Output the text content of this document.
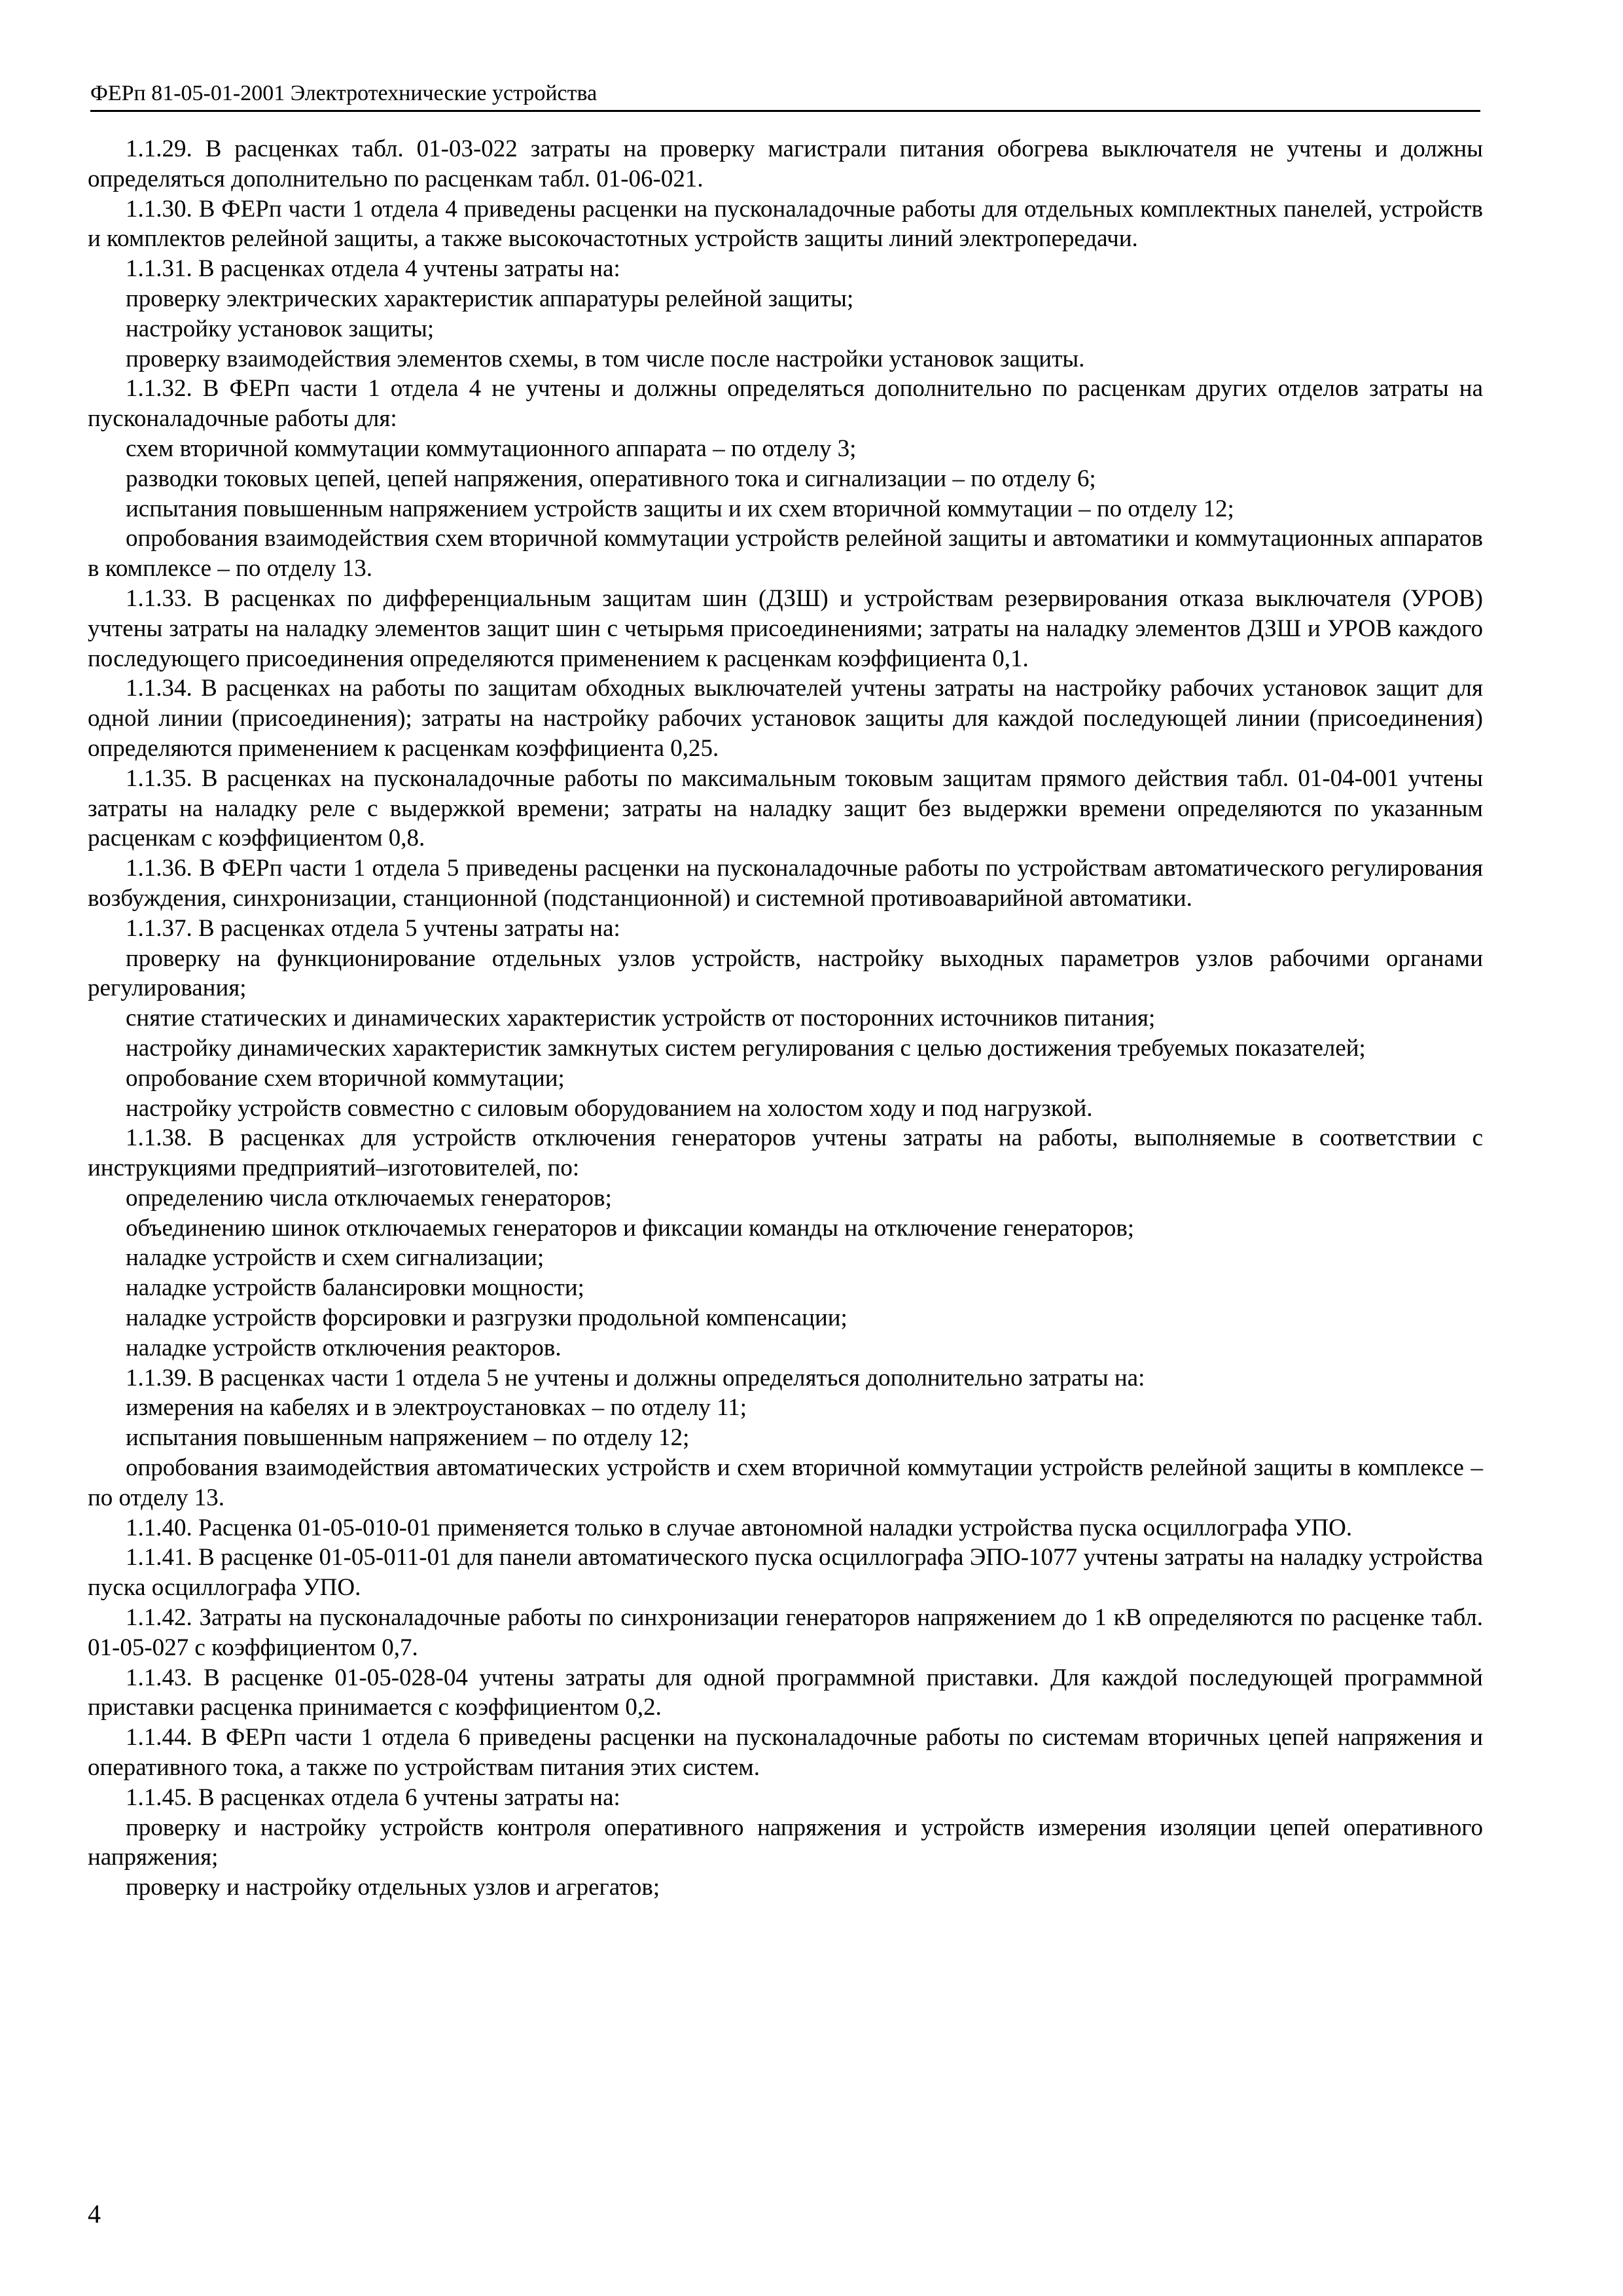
ФЕРп 81-05-01-2001 Электротехнические устройства

1.1.29. В расценках табл. 01-03-022 затраты на проверку магистрали питания обогрева выключателя не учтены и должны определяться дополнительно по расценкам табл. 01-06-021.

1.1.30. В ФЕРп части 1 отдела 4 приведены расценки на пусконаладочные работы для отдельных комплектных панелей, устройств и комплектов релейной защиты, а также высокочастотных устройств защиты линий электропередачи.

1.1.31. В расценках отдела 4 учтены затраты на:

проверку электрических характеристик аппаратуры релейной защиты;

настройку установок защиты;

проверку взаимодействия элементов схемы, в том числе после настройки установок защиты.

1.1.32. В ФЕРп части 1 отдела 4 не учтены и должны определяться дополнительно по расценкам других отделов затраты на пусконаладочные работы для:

схем вторичной коммутации коммутационного аппарата – по отделу 3;

разводки токовых цепей, цепей напряжения, оперативного тока и сигнализации – по отделу 6;

испытания повышенным напряжением устройств защиты и их схем вторичной коммутации – по отделу 12;

опробования взаимодействия схем вторичной коммутации устройств релейной защиты и автоматики и коммутационных аппаратов в комплексе – по отделу 13.

1.1.33. В расценках по дифференциальным защитам шин (ДЗШ) и устройствам резервирования отказа выключателя (УРОВ) учтены затраты на наладку элементов защит шин с четырьмя присоединениями; затраты на наладку элементов ДЗШ и УРОВ каждого последующего присоединения определяются применением к расценкам коэффициента 0,1.

1.1.34. В расценках на работы по защитам обходных выключателей учтены затраты на настройку рабочих установок защит для одной линии (присоединения); затраты на настройку рабочих установок защиты для каждой последующей линии (присоединения) определяются применением к расценкам коэффициента 0,25.

1.1.35. В расценках на пусконаладочные работы по максимальным токовым защитам прямого действия табл. 01-04-001 учтены затраты на наладку реле с выдержкой времени; затраты на наладку защит без выдержки времени определяются по указанным расценкам с коэффициентом 0,8.

1.1.36. В ФЕРп части 1 отдела 5 приведены расценки на пусконаладочные работы по устройствам автоматического регулирования возбуждения, синхронизации, станционной (подстанционной) и системной противоаварийной автоматики.

1.1.37. В расценках отдела 5 учтены затраты на:

проверку на функционирование отдельных узлов устройств, настройку выходных параметров узлов рабочими органами регулирования;

снятие статических и динамических характеристик устройств от посторонних источников питания;

настройку динамических характеристик замкнутых систем регулирования с целью достижения требуемых показателей;

опробование схем вторичной коммутации;

настройку устройств совместно с силовым оборудованием на холостом ходу и под нагрузкой.

1.1.38. В расценках для устройств отключения генераторов учтены затраты на работы, выполняемые в соответствии с инструкциями предприятий–изготовителей, по:

определению числа отключаемых генераторов;

объединению шинок отключаемых генераторов и фиксации команды на отключение генераторов;

наладке устройств и схем сигнализации;

наладке устройств балансировки мощности;

наладке устройств форсировки и разгрузки продольной компенсации;

наладке устройств отключения реакторов.

1.1.39. В расценках части 1 отдела 5 не учтены и должны определяться дополнительно затраты на:

измерения на кабелях и в электроустановках – по отделу 11;

испытания повышенным напряжением – по отделу 12;

опробования взаимодействия автоматических устройств и схем вторичной коммутации устройств релейной защиты в комплексе – по отделу 13.

1.1.40. Расценка 01-05-010-01 применяется только в случае автономной наладки устройства пуска осциллографа УПО.

1.1.41. В расценке 01-05-011-01 для панели автоматического пуска осциллографа ЭПО-1077 учтены затраты на наладку устройства пуска осциллографа УПО.

1.1.42. Затраты на пусконаладочные работы по синхронизации генераторов напряжением до 1 кВ определяются по расценке табл. 01-05-027 с коэффициентом 0,7.

1.1.43. В расценке 01-05-028-04 учтены затраты для одной программной приставки. Для каждой последующей программной приставки расценка принимается с коэффициентом 0,2.

1.1.44. В ФЕРп части 1 отдела 6 приведены расценки на пусконаладочные работы по системам вторичных цепей напряжения и оперативного тока, а также по устройствам питания этих систем.

1.1.45. В расценках отдела 6 учтены затраты на:

проверку и настройку устройств контроля оперативного напряжения и устройств измерения изоляции цепей оперативного напряжения;

проверку и настройку отдельных узлов и агрегатов;

4
